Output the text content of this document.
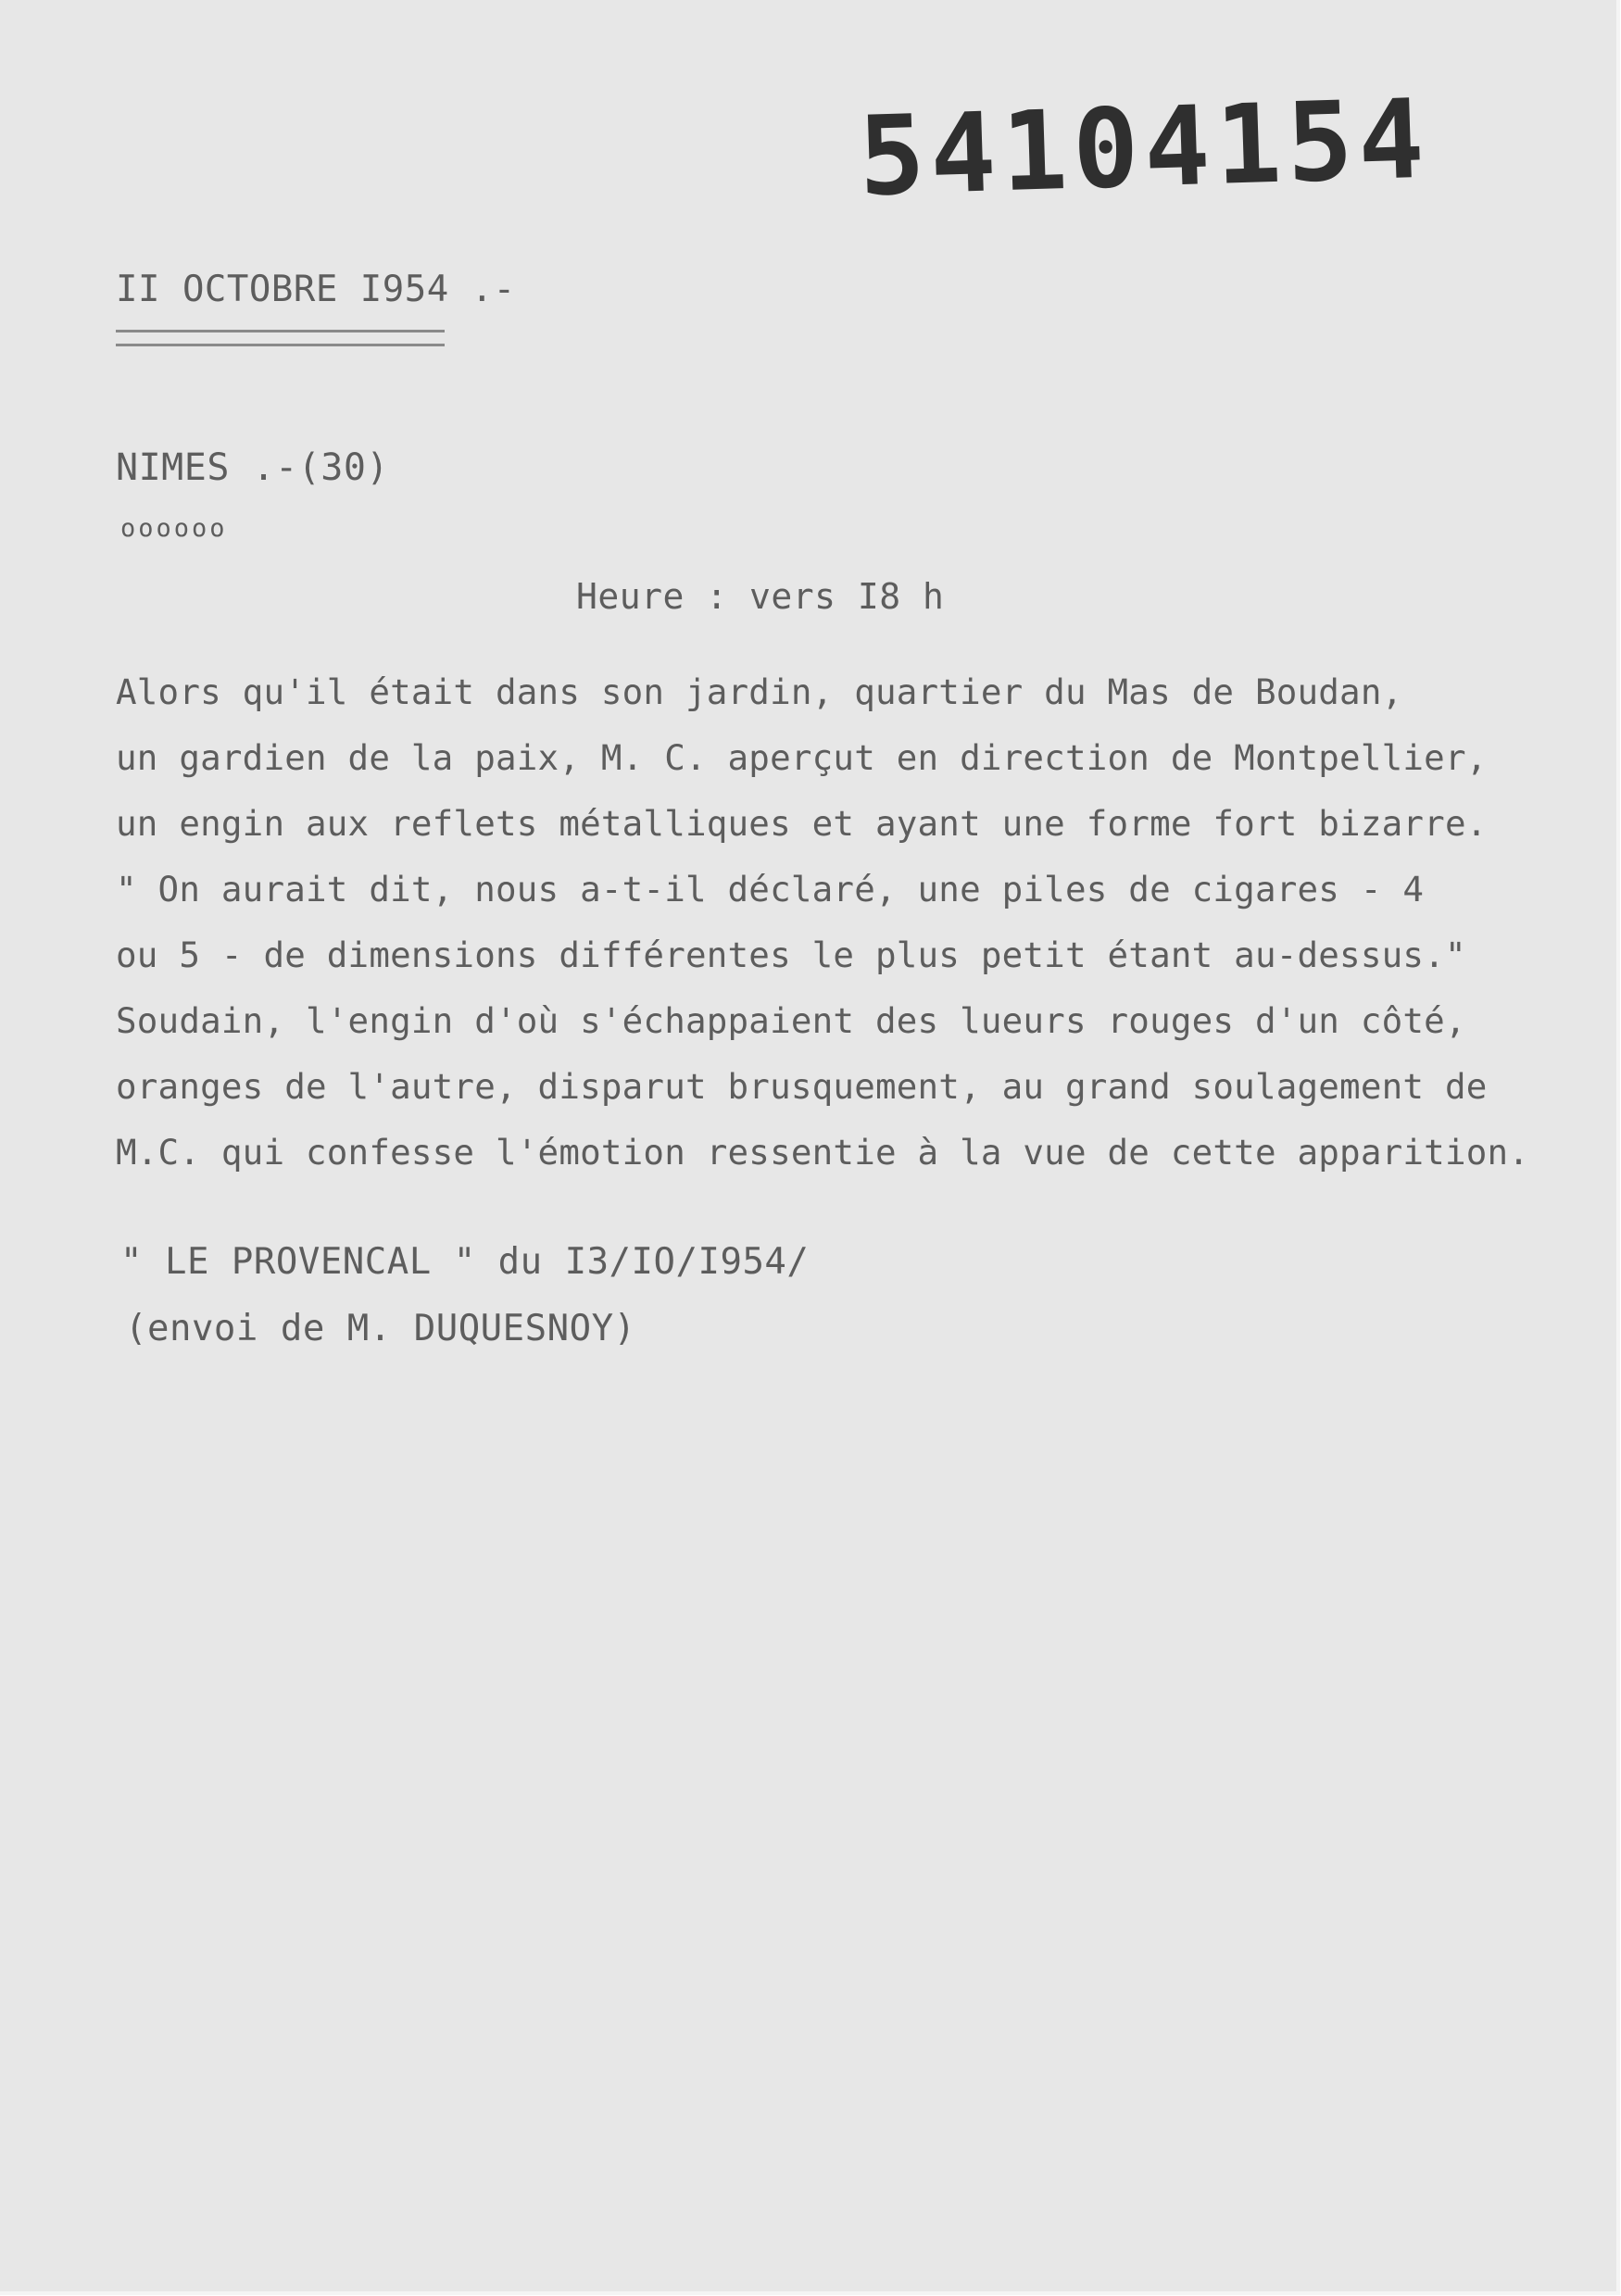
54104154
II OCTOBRE I954 .-
NIMES .-(30)
oooooo
Heure : vers I8 h
Alors qu'il était dans son jardin, quartier du Mas de Boudan,
un gardien de la paix, M. C. aperçut en direction de Montpellier,
un engin aux reflets métalliques et ayant une forme fort bizarre.
" On aurait dit, nous a-t-il déclaré, une piles de cigares - 4
ou 5 - de dimensions différentes le plus petit étant au-dessus."
Soudain, l'engin d'où s'échappaient des lueurs rouges d'un côté,
oranges de l'autre, disparut brusquement, au grand soulagement de
M.C. qui confesse l'émotion ressentie à la vue de cette apparition.
" LE PROVENCAL " du I3/IO/I954/
(envoi de M. DUQUESNOY)
